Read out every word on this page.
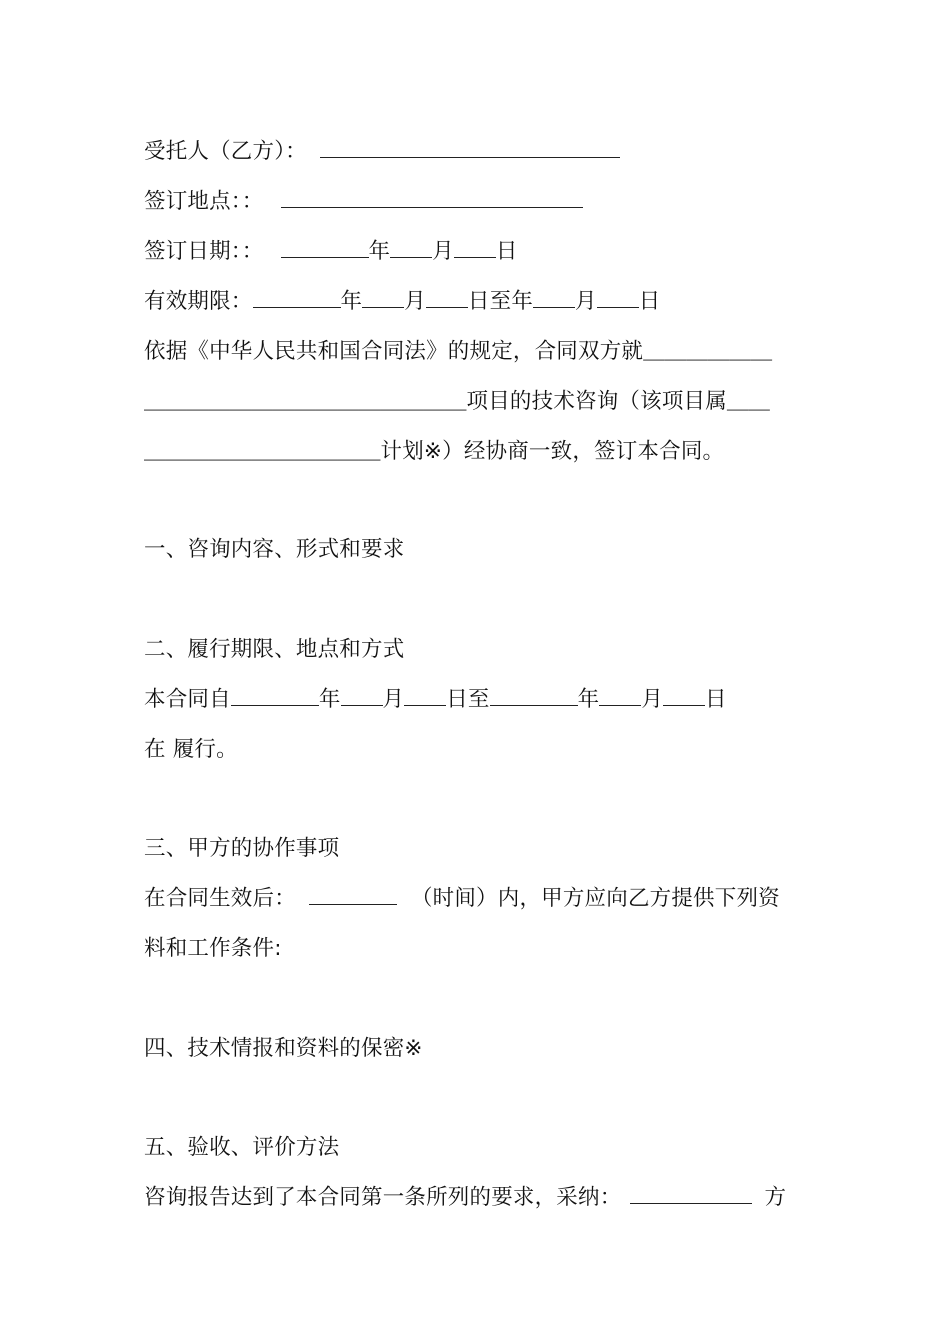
受托人（乙方）：
签订地点：：
签订日期：：	年 月 日
有效期限：	年 月 日至年 月 日
依据《中华人民共和国合同法》的规定，合同双方就＿＿＿＿＿＿
＿＿＿＿＿＿＿＿＿＿＿＿＿＿＿项目的技术咨询（该项目属＿＿
＿＿＿＿＿＿＿＿＿＿＿计划※）经协商一致，签订本合同。
一、咨询内容、形式和要求
二、履行期限、地点和方式
本合同自	年 月 日至	年 月 日
在 履行。
三、甲方的协作事项
在合同生效后：	（时间）内，甲方应向乙方提供下列资
料和工作条件:
四、技术情报和资料的保密※
五、验收、评价方法
咨询报告达到了本合同第一条所列的要求，采纳：	方
